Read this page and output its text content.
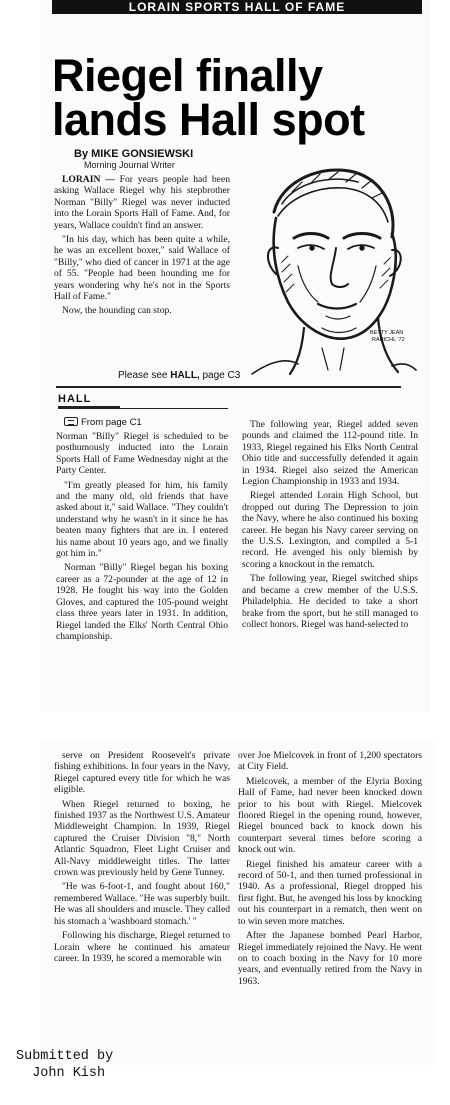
LORAIN SPORTS HALL OF FAME
Riegel finally
lands Hall spot
By MIKE GONSIEWSKI
Morning Journal Writer

LORAIN — For years people had been asking Wallace Riegel why his stepbrother Norman "Billy" Riegel was never inducted into the Lorain Sports Hall of Fame. And, for years, Wallace couldn't find an answer.

"In his day, which has been quite a while, he was an excellent boxer," said Wallace of "Billy," who died of cancer in 1971 at the age of 55. "People had been hounding me for years wondering why he's not in the Sports Hall of Fame."

Now, the hounding can stop.

BETTY JEAN
RANICHL '72
Please see HALL, page C3
HALL
From page C1

Norman "Billy" Riegel is scheduled to be posthumously inducted into the Lorain Sports Hall of Fame Wednesday night at the Party Center.

"I'm greatly pleased for him, his family and the many old, old friends that have asked about it," said Wallace. "They couldn't understand why he wasn't in it since he has beaten many fighters that are in. I entered his name about 10 years ago, and we finally got him in."

Norman "Billy" Riegel began his boxing career as a 72-pounder at the age of 12 in 1928. He fought his way into the Golden Gloves, and captured the 105-pound weight class three years later in 1931. In addition, Riegel landed the Elks' North Central Ohio championship.

The following year, Riegel added seven pounds and claimed the 112-pound title. In 1933, Riegel regained his Elks North Central Ohio title and successfully defended it again in 1934. Riegel also seized the American Legion Championship in 1933 and 1934.

Riegel attended Lorain High School, but dropped out during The Depression to join the Navy, where he also continued his boxing career. He began his Navy career serving on the U.S.S. Lexington, and compiled a 5-1 record. He avenged his only blemish by scoring a knockout in the rematch.

The following year, Riegel switched ships and became a crew member of the U.S.S. Philadelphia. He decided to take a short brake from the sport, but he still managed to collect honors. Riegel was hand-selected to

serve on President Roosevelt's private fishing exhibitions. In four years in the Navy, Riegel captured every title for which he was eligible.

When Riegel returned to boxing, he finished 1937 as the Northwest U.S. Amateur Middleweight Champion. In 1939, Riegel captured the Cruiser Division "8," North Atlantic Squadron, Fleet Light Cruiser and All-Navy middleweight titles. The latter crown was previously held by Gene Tunney.

"He was 6-foot-1, and fought about 160," remembered Wallace. "He was superbly built. He was all shoulders and muscle. They called his stomach a 'washboard stomach.' "

Following his discharge, Riegel returned to Lorain where he continued his amateur career. In 1939, he scored a memorable win

over Joe Mielcovek in front of 1,200 spectators at City Field.

Mielcovek, a member of the Elyria Boxing Hall of Fame, had never been knocked down prior to his bout with Riegel. Mielcovek floored Riegel in the opening round, however, Riegel bounced back to knock down his counterpart several times before scoring a knock out win.

Riegel finished his amateur career with a record of 50-1, and then turned professional in 1940. As a professional, Riegel dropped his first fight. But, he avenged his loss by knocking out his counterpart in a rematch, then went on to win seven more matches.

After the Japanese bombed Pearl Harbor, Riegel immediately rejoined the Navy. He went on to coach boxing in the Navy for 10 more years, and eventually retired from the Navy in 1963.

Submitted by
John Kish
